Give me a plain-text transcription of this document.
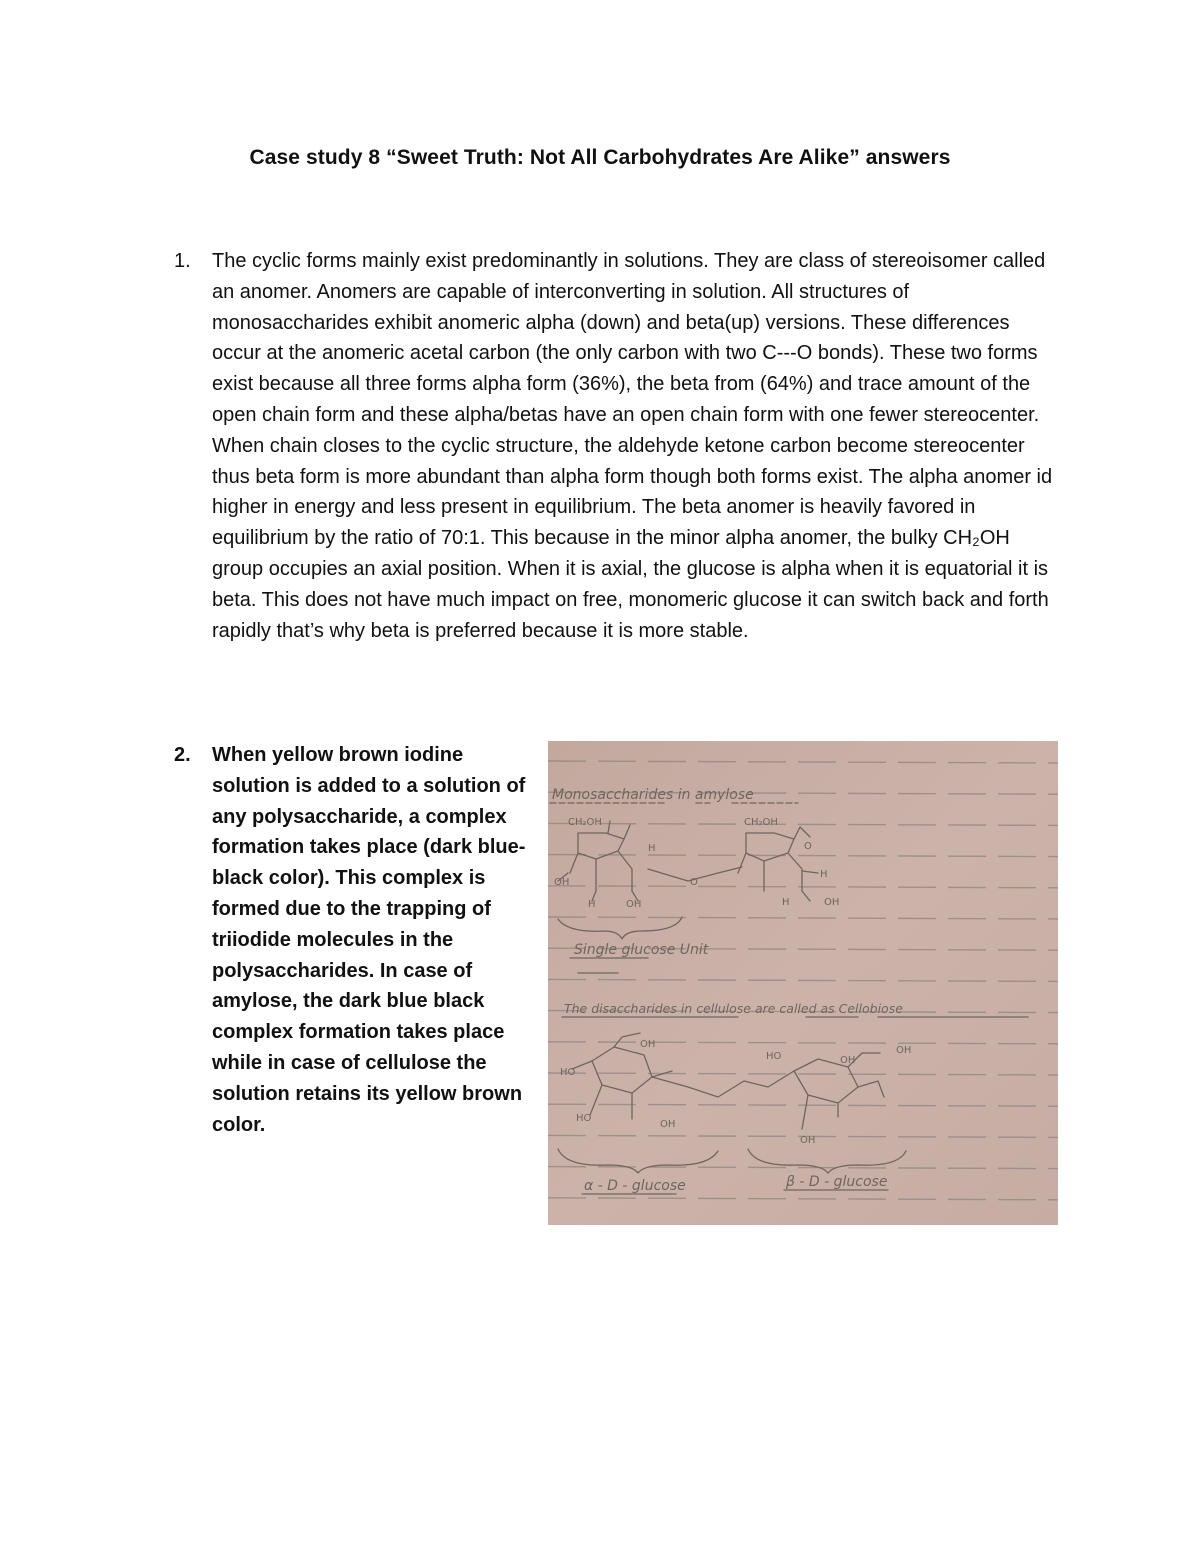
Case study 8 “Sweet Truth: Not All Carbohydrates Are Alike” answers
1. The cyclic forms mainly exist predominantly in solutions. They are class of stereoisomer called an anomer. Anomers are capable of interconverting in solution. All structures of monosaccharides exhibit anomeric alpha (down) and beta(up) versions. These differences occur at the anomeric acetal carbon (the only carbon with two C---O bonds). These two forms exist because all three forms alpha form (36%), the beta from (64%) and trace amount of the open chain form and these alpha/betas have an open chain form with one fewer stereocenter. When chain closes to the cyclic structure, the aldehyde ketone carbon become stereocenter thus beta form is more abundant than alpha form though both forms exist. The alpha anomer id higher in energy and less present in equilibrium. The beta anomer is heavily favored in equilibrium by the ratio of 70:1. This because in the minor alpha anomer, the bulky CH₂OH group occupies an axial position. When it is axial, the glucose is alpha when it is equatorial it is beta. This does not have much impact on free, monomeric glucose it can switch back and forth rapidly that’s why beta is preferred because it is more stable.

2. When yellow brown iodine solution is added to a solution of any polysaccharide, a complex formation takes place (dark blue-black color). This complex is formed due to the trapping of triiodide molecules in the polysaccharides. In case of amylose, the dark blue black complex formation takes place while in case of cellulose the solution retains its yellow brown color.

Monosaccharides in amylose
Single glucose Unit
The disaccharides in cellulose are called as Cellobiose
α - D - glucose	β - D - glucose
CH₂OH	CH₂OH
OH
OH
H
H
O
H
O
OH
H
HO
HO
OH
OH
HO	OH
OH
OH
